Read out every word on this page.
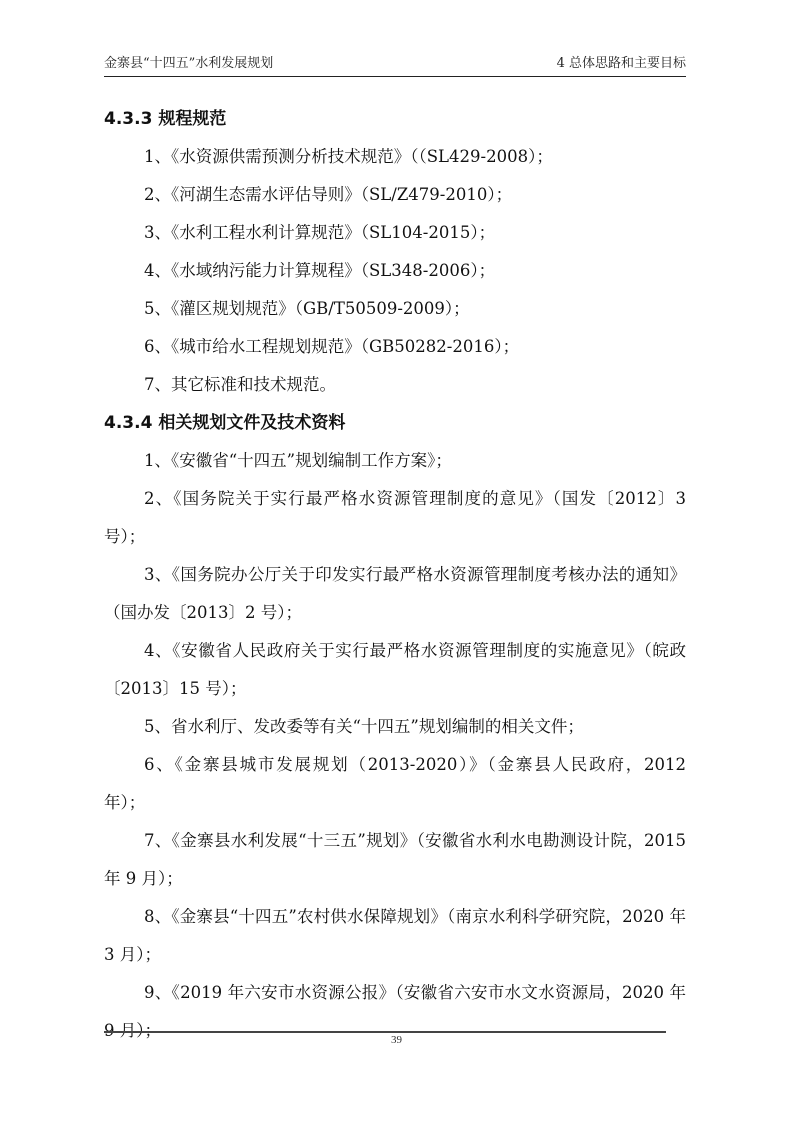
金寨县“十四五”水利发展规划	4 总体思路和主要目标
4.3.3 规程规范

1、《水资源供需预测分析技术规范》（（SL429-2008）；

2、《河湖生态需水评估导则》（SL/Z479-2010）；

3、《水利工程水利计算规范》（SL104-2015）；

4、《水域纳污能力计算规程》（SL348-2006）；

5、《灌区规划规范》（GB/T50509-2009）；

6、《城市给水工程规划规范》（GB50282-2016）；

7、其它标准和技术规范。

4.3.4 相关规划文件及技术资料

1、《安徽省“十四五”规划编制工作方案》；

2、《国务院关于实行最严格水资源管理制度的意见》（国发〔2012〕3 号）；

3、《国务院办公厅关于印发实行最严格水资源管理制度考核办法的通知》（国办发〔2013〕2 号）；

4、《安徽省人民政府关于实行最严格水资源管理制度的实施意见》（皖政〔2013〕15 号）；

5、省水利厅、发改委等有关“十四五”规划编制的相关文件；

6、《金寨县城市发展规划（2013-2020）》（金寨县人民政府，2012 年）；

7、《金寨县水利发展“十三五”规划》（安徽省水利水电勘测设计院，2015 年 9 月）；

8、《金寨县“十四五”农村供水保障规划》（南京水利科学研究院，2020 年 3 月）；

9、《2019 年六安市水资源公报》（安徽省六安市水文水资源局，2020 年 9 月）；	39
